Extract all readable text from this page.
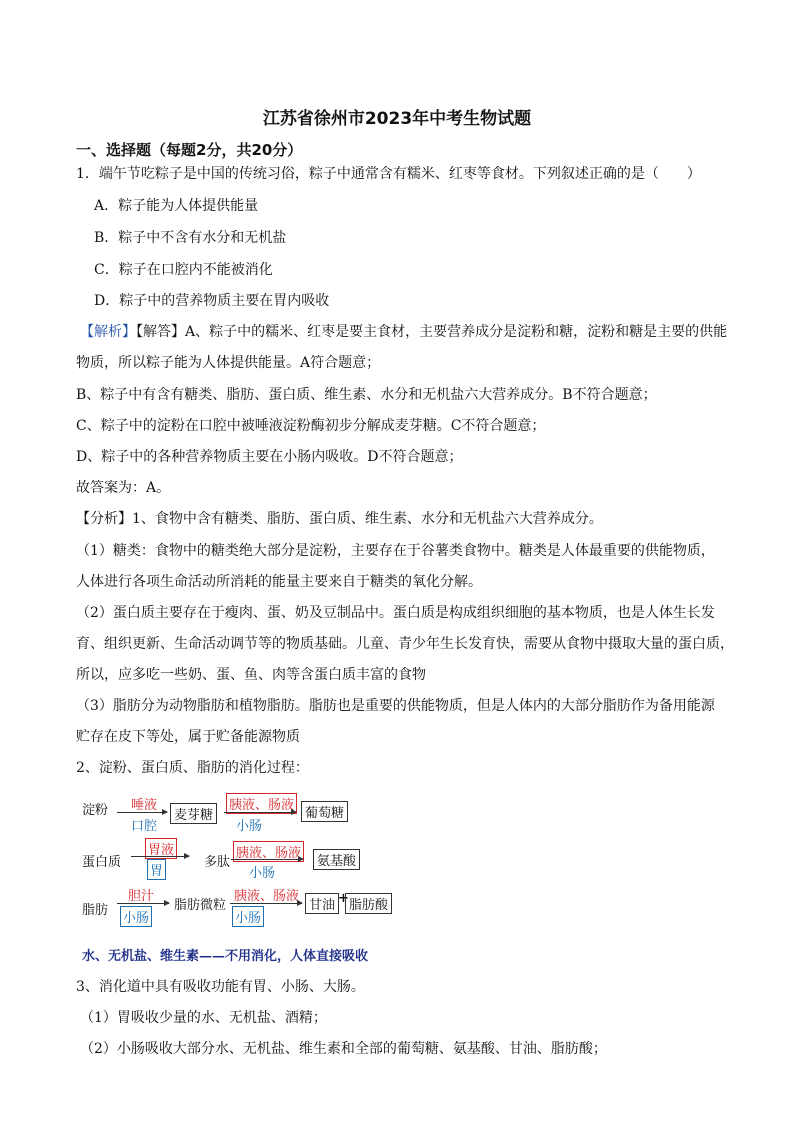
江苏省徐州市2023年中考生物试题
一、选择题（每题2分，共20分）
1．端午节吃粽子是中国的传统习俗，粽子中通常含有糯米、红枣等食材。下列叙述正确的是（　　）
A．粽子能为人体提供能量
B．粽子中不含有水分和无机盐
C．粽子在口腔内不能被消化
D．粽子中的营养物质主要在胃内吸收
【解析】【解答】A、粽子中的糯米、红枣是要主食材，主要营养成分是淀粉和糖，淀粉和糖是主要的供能
物质，所以粽子能为人体提供能量。A符合题意；
B、粽子中有含有糖类、脂肪、蛋白质、维生素、水分和无机盐六大营养成分。B不符合题意；
C、粽子中的淀粉在口腔中被唾液淀粉酶初步分解成麦芽糖。C不符合题意；
D、粽子中的各种营养物质主要在小肠内吸收。D不符合题意；
故答案为：A。
【分析】1、食物中含有糖类、脂肪、蛋白质、维生素、水分和无机盐六大营养成分。
（1）糖类：食物中的糖类绝大部分是淀粉，主要存在于谷薯类食物中。糖类是人体最重要的供能物质，
人体进行各项生命活动所消耗的能量主要来自于糖类的氧化分解。
（2）蛋白质主要存在于瘦肉、蛋、奶及豆制品中。蛋白质是构成组织细胞的基本物质，也是人体生长发
育、组织更新、生命活动调节等的物质基础。儿童、青少年生长发育快，需要从食物中摄取大量的蛋白质，
所以，应多吃一些奶、蛋、鱼、肉等含蛋白质丰富的食物
（3）脂肪分为动物脂肪和植物脂肪。脂肪也是重要的供能物质，但是人体内的大部分脂肪作为备用能源
贮存在皮下等处，属于贮备能源物质
2、淀粉、蛋白质、脂肪的消化过程：
淀粉 唾液
口腔
麦芽糖
胰液、肠液
小肠
葡萄糖
蛋白质
胃液
胃
多肽
胰液、肠液
小肠
氨基酸
脂肪
胆汁
小肠
脂肪微粒
胰液、肠液
小肠
甘油 + 脂肪酸
水、无机盐、维生素——不用消化，人体直接吸收
3、消化道中具有吸收功能有胃、小肠、大肠。
（1）胃吸收少量的水、无机盐、酒精；
（2）小肠吸收大部分水、无机盐、维生素和全部的葡萄糖、氨基酸、甘油、脂肪酸；
